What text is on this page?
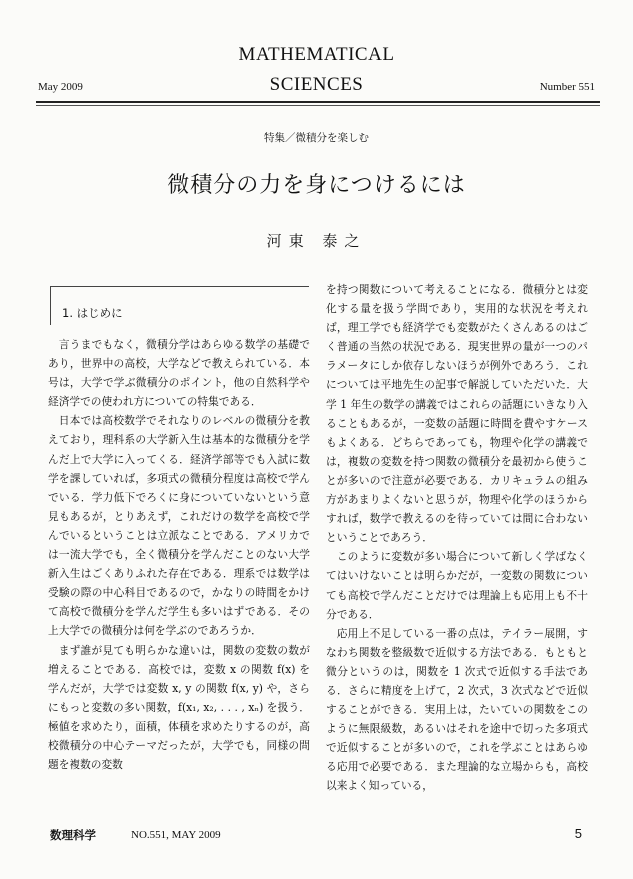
MATHEMATICAL
SCIENCES
May 2009	Number 551
特集／微積分を楽しむ
微積分の力を身につけるには
河東 泰之
1. はじめに

言うまでもなく，微積分学はあらゆる数学の基礎であり，世界中の高校，大学などで教えられている．本号は，大学で学ぶ微積分のポイント，他の自然科学や経済学での使われ方についての特集である．

日本では高校数学でそれなりのレベルの微積分を教えており，理科系の大学新入生は基本的な微積分を学んだ上で大学に入ってくる．経済学部等でも入試に数学を課していれば，多項式の微積分程度は高校で学んでいる．学力低下でろくに身についていないという意見もあるが，とりあえず，これだけの数学を高校で学んでいるということは立派なことである．アメリカでは一流大学でも，全く微積分を学んだことのない大学新入生はごくありふれた存在である．理系では数学は受験の際の中心科目であるので，かなりの時間をかけて高校で微積分を学んだ学生も多いはずである．その上大学での微積分は何を学ぶのであろうか．

まず誰が見ても明らかな違いは，関数の変数の数が増えることである．高校では，変数 x の関数 f(x) を学んだが，大学では変数 x, y の関数 f(x, y) や，さらにもっと変数の多い関数，f(x₁, x₂, . . . , xₙ) を扱う．極値を求めたり，面積，体積を求めたりするのが，高校微積分の中心テーマだったが，大学でも，同様の問題を複数の変数

を持つ関数について考えることになる．微積分とは変化する量を扱う学問であり，実用的な状況を考えれば，理工学でも経済学でも変数がたくさんあるのはごく普通の当然の状況である．現実世界の量が一つのパラメータにしか依存しないほうが例外であろう．これについては平地先生の記事で解説していただいた．大学 1 年生の数学の講義ではこれらの話題にいきなり入ることもあるが，一変数の話題に時間を費やすケースもよくある．どちらであっても，物理や化学の講義では，複数の変数を持つ関数の微積分を最初から使うことが多いので注意が必要である．カリキュラムの組み方があまりよくないと思うが，物理や化学のほうからすれば，数学で教えるのを待っていては間に合わないということであろう．

このように変数が多い場合について新しく学ばなくてはいけないことは明らかだが，一変数の関数についても高校で学んだことだけでは理論上も応用上も不十分である．

応用上不足している一番の点は，テイラー展開，すなわち関数を整級数で近似する方法である．もともと微分というのは，関数を 1 次式で近似する手法である．さらに精度を上げて，2 次式，3 次式などで近似することができる．実用上は，たいていの関数をこのように無限級数，あるいはそれを途中で切った多項式で近似することが多いので，これを学ぶことはあらゆる応用で必要である．また理論的な立場からも，高校以来よく知っている，

数理科学	NO.551, MAY 2009	5
